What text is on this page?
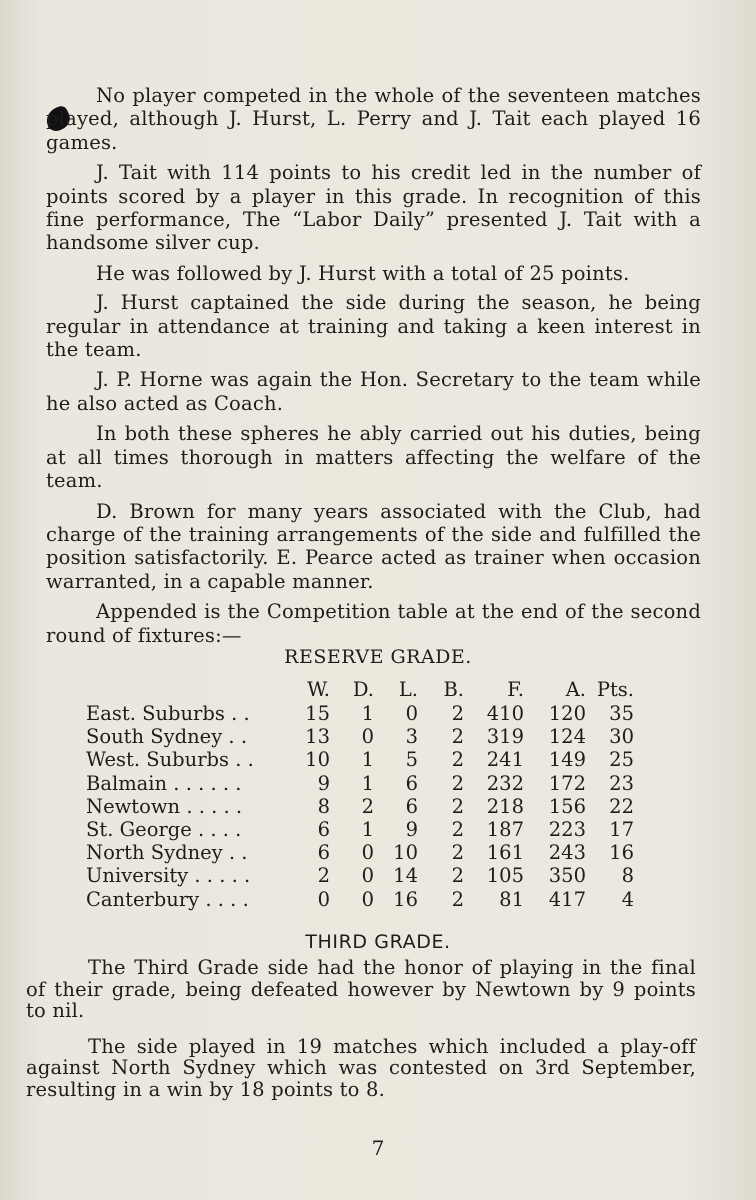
No player competed in the whole of the seventeen matches played, although J. Hurst, L. Perry and J. Tait each played 16 games.

J. Tait with 114 points to his credit led in the number of points scored by a player in this grade. In recognition of this fine performance, The “Labor Daily” presented J. Tait with a handsome silver cup.

He was followed by J. Hurst with a total of 25 points.

J. Hurst captained the side during the season, he being regular in attendance at training and taking a keen interest in the team.

J. P. Horne was again the Hon. Secretary to the team while he also acted as Coach.

In both these spheres he ably carried out his duties, being at all times thorough in matters affecting the welfare of the team.

D. Brown for many years associated with the Club, had charge of the training arrangements of the side and fulfilled the position satisfactorily. E. Pearce acted as trainer when occasion warranted, in a capable manner.

Appended is the Competition table at the end of the second round of fixtures:—

RESERVE GRADE.
	W.	D.	L.	B.	F.	A.	Pts.
East. Suburbs . .	15	1	0	2	410	120	35
South Sydney . .	13	0	3	2	319	124	30
West. Suburbs . .	10	1	5	2	241	149	25
Balmain . . . . . .	9	1	6	2	232	172	23
Newtown . . . . .	8	2	6	2	218	156	22
St. George . . . .	6	1	9	2	187	223	17
North Sydney . .	6	0	10	2	161	243	16
University . . . . .	2	0	14	2	105	350	8
Canterbury . . . .	0	0	16	2	81	417	4
THIRD GRADE.

The Third Grade side had the honor of playing in the final of their grade, being defeated however by Newtown by 9 points to nil.

The side played in 19 matches which included a play-off against North Sydney which was contested on 3rd September, resulting in a win by 18 points to 8.

7
